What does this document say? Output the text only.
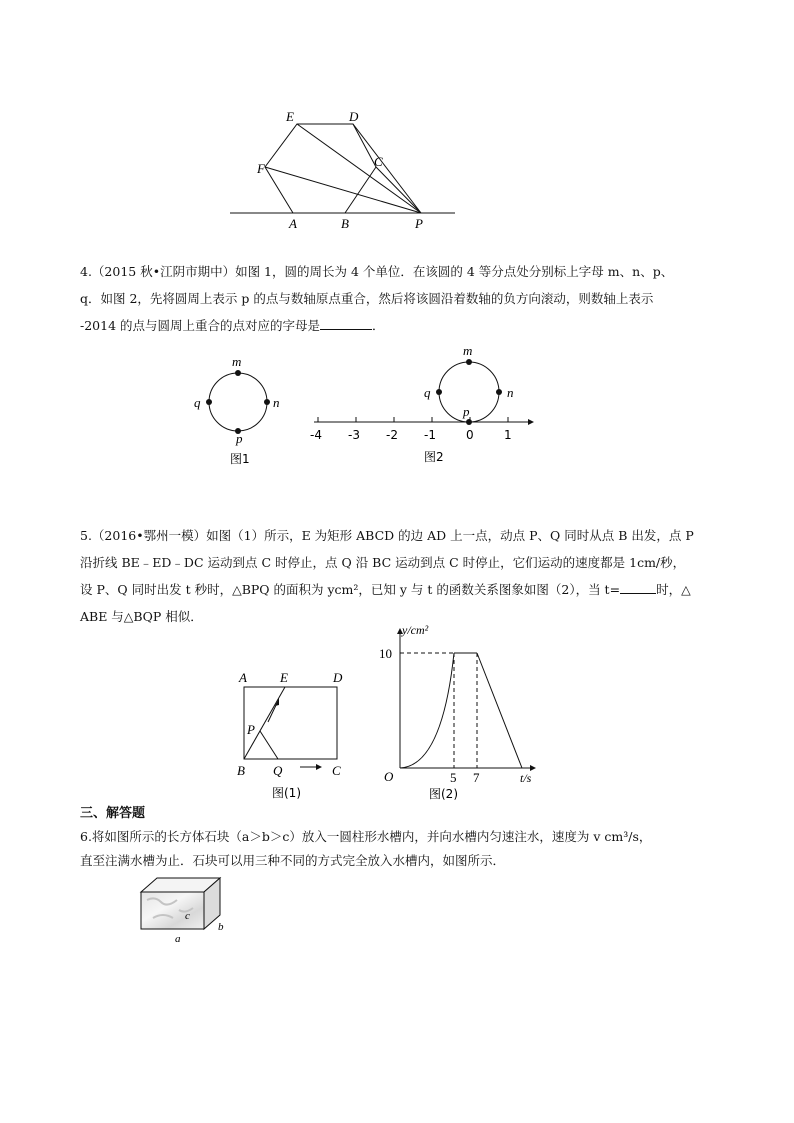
E	D
C
F
A	B	P
4.（2015 秋•江阴市期中）如图 1，圆的周长为 4 个单位．在该圆的 4 等分点处分别标上字母 m、n、p、
q．如图 2，先将圆周上表示 p 的点与数轴原点重合，然后将该圆沿着数轴的负方向滚动，则数轴上表示
-2014 的点与圆周上重合的点对应的字母是	．
m
n
p
q
图1
m
n
p
q
-4 -3 -2 -1	0	1
图2
5.（2016•鄂州一模）如图（1）所示，E 为矩形 ABCD 的边 AD 上一点，动点 P、Q 同时从点 B 出发，点 P
沿折线 BE﹣ED﹣DC 运动到点 C 时停止，点 Q 沿 BC 运动到点 C 时停止，它们运动的速度都是 1cm/秒，
设 P、Q 同时出发 t 秒时，△BPQ 的面积为 ycm²，已知 y 与 t 的函数关系图象如图（2），当 t=	时，△
ABE 与△BQP 相似．
A	E	D
P
B Q	C
图(1)
y/cm²
t/s
O
10
5 7
图(2)
三、解答题
6.将如图所示的长方体石块（a＞b＞c）放入一圆柱形水槽内，并向水槽内匀速注水，速度为 v cm³/s，
直至注满水槽为止．石块可以用三种不同的方式完全放入水槽内，如图所示．
c
a
b
